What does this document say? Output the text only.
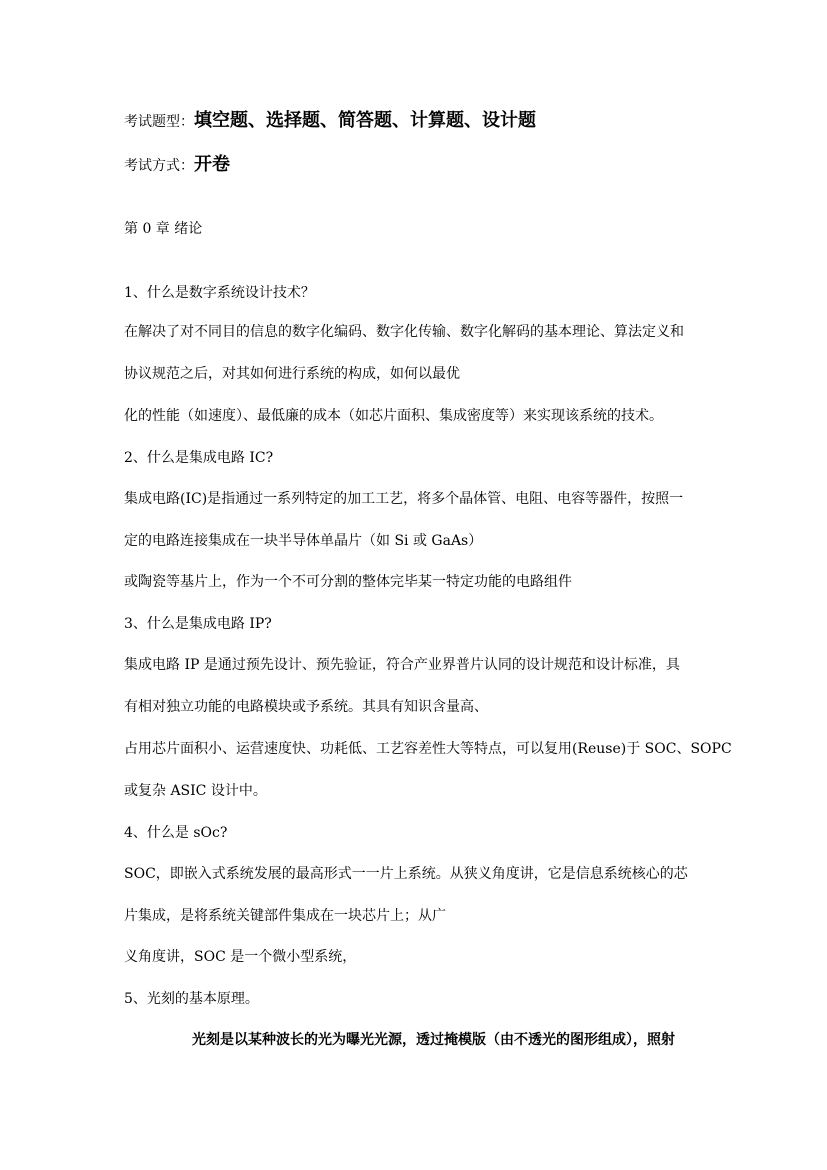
考试题型：填空题、选择题、简答题、计算题、设计题
考试方式：开卷
第 0 章 绪论
1、什么是数字系统设计技术？
在解决了对不同目的信息的数字化编码、数字化传输、数字化解码的基本理论、算法定义和
协议规范之后，对其如何进行系统的构成，如何以最优
化的性能（如速度）、最低廉的成本（如芯片面积、集成密度等）来实现该系统的技术。
2、什么是集成电路 IC?
集成电路(IC)是指通过一系列特定的加工工艺，将多个晶体管、电阻、电容等器件，按照一
定的电路连接集成在一块半导体单晶片（如 Si 或 GaAs）
或陶瓷等基片上，作为一个不可分割的整体完毕某一特定功能的电路组件
3、什么是集成电路 IP?
集成电路 IP 是通过预先设计、预先验证，符合产业界普片认同的设计规范和设计标准，具
有相对独立功能的电路模块或予系统。其具有知识含量高、
占用芯片面积小、运营速度快、功耗低、工艺容差性大等特点，可以复用(Reuse)于 SOC、SOPC
或复杂 ASIC 设计中。
4、什么是 sOc?
SOC，即嵌入式系统发展的最高形式一一片上系统。从狭义角度讲，它是信息系统核心的芯
片集成，是将系统关键部件集成在一块芯片上；从广
义角度讲，SOC 是一个微小型系统，
5、光刻的基本原理。
光刻是以某种波长的光为曝光光源，透过掩模版（由不透光的图形组成），照射
